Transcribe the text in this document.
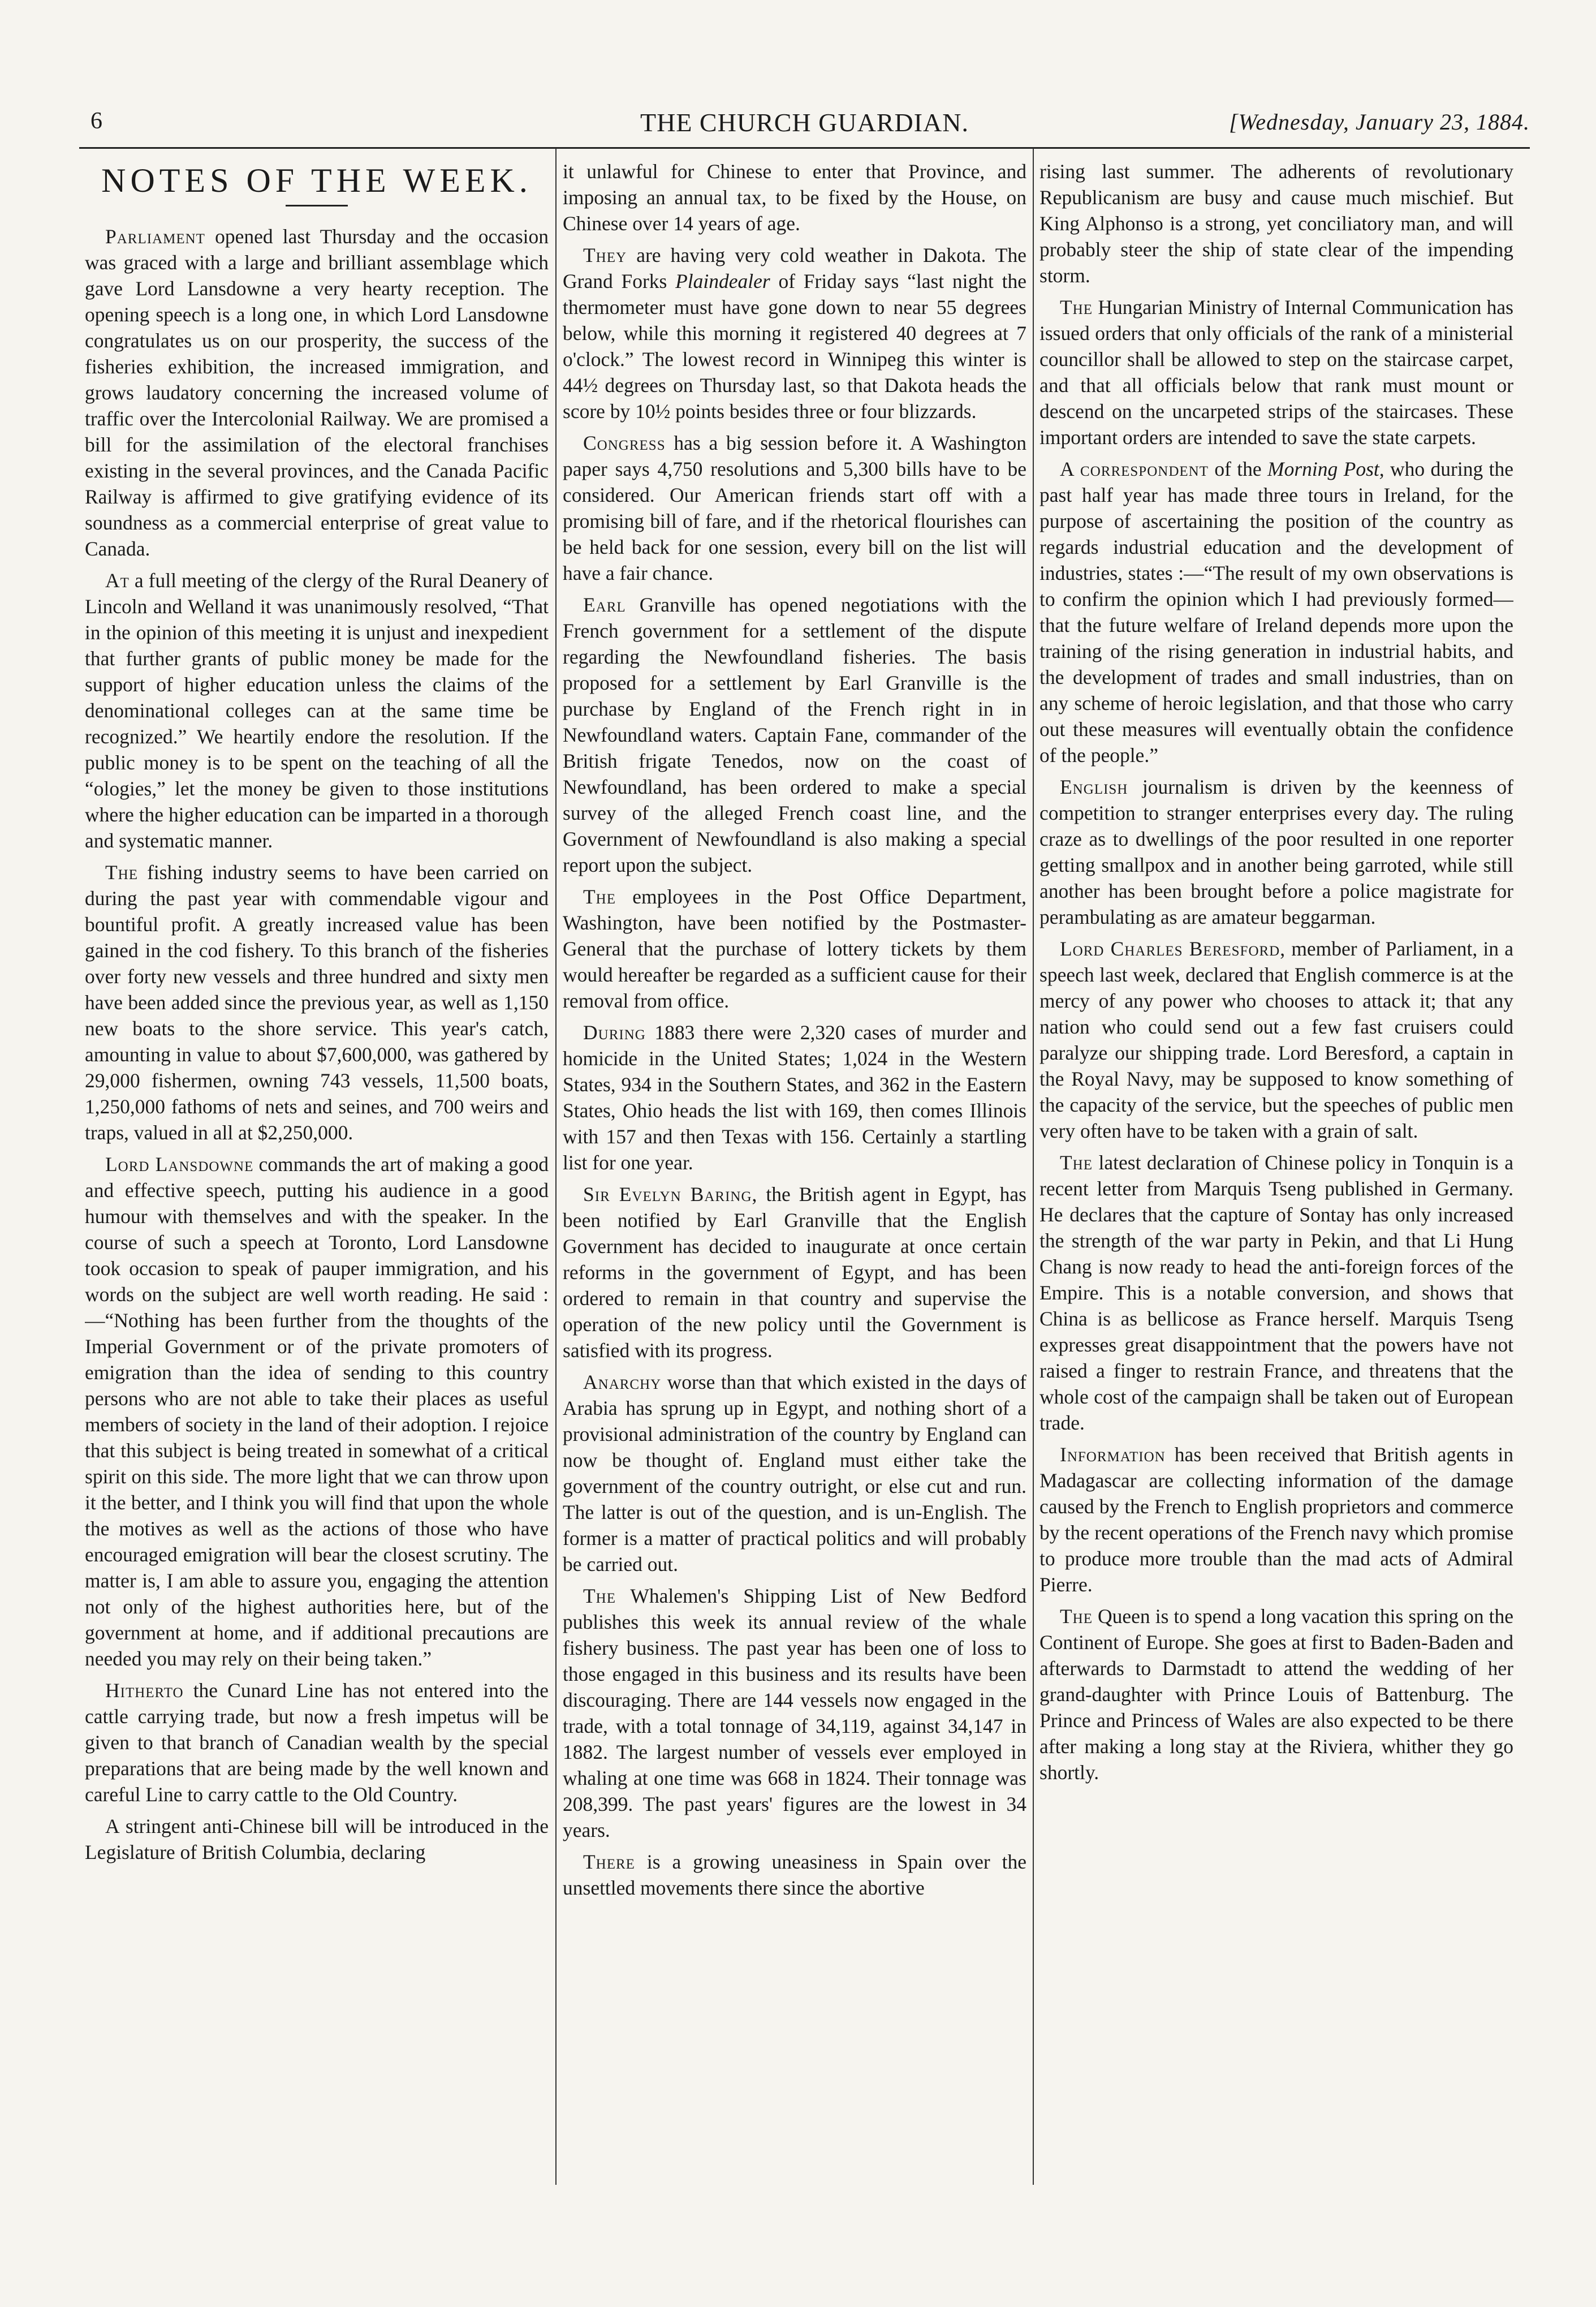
6	THE CHURCH GUARDIAN.	[Wednesday, January 23, 1884.
NOTES OF THE WEEK.

Parliament opened last Thursday and the occasion was graced with a large and brilliant assemblage which gave Lord Lansdowne a very hearty reception. The opening speech is a long one, in which Lord Lansdowne congratulates us on our prosperity, the success of the fisheries exhibition, the increased immigration, and grows laudatory concerning the increased volume of traffic over the Intercolonial Railway. We are promised a bill for the assimilation of the electoral franchises existing in the several provinces, and the Canada Pacific Railway is affirmed to give gratifying evidence of its soundness as a commercial enterprise of great value to Canada.

At a full meeting of the clergy of the Rural Deanery of Lincoln and Welland it was unanimously resolved, “That in the opinion of this meeting it is unjust and inexpedient that further grants of public money be made for the support of higher education unless the claims of the denominational colleges can at the same time be recognized.” We heartily endore the resolution. If the public money is to be spent on the teaching of all the “ologies,” let the money be given to those institutions where the higher education can be imparted in a thorough and systematic manner.

The fishing industry seems to have been carried on during the past year with commendable vigour and bountiful profit. A greatly increased value has been gained in the cod fishery. To this branch of the fisheries over forty new vessels and three hundred and sixty men have been added since the previous year, as well as 1,150 new boats to the shore service. This year's catch, amounting in value to about $7,600,000, was gathered by 29,000 fishermen, owning 743 vessels, 11,500 boats, 1,250,000 fathoms of nets and seines, and 700 weirs and traps, valued in all at $2,250,000.

Lord Lansdowne commands the art of making a good and effective speech, putting his audience in a good humour with themselves and with the speaker. In the course of such a speech at Toronto, Lord Lansdowne took occasion to speak of pauper immigration, and his words on the subject are well worth reading. He said :—“Nothing has been further from the thoughts of the Imperial Government or of the private promoters of emigration than the idea of sending to this country persons who are not able to take their places as useful members of society in the land of their adoption. I rejoice that this subject is being treated in somewhat of a critical spirit on this side. The more light that we can throw upon it the better, and I think you will find that upon the whole the motives as well as the actions of those who have encouraged emigration will bear the closest scrutiny. The matter is, I am able to assure you, engaging the attention not only of the highest authorities here, but of the government at home, and if additional precautions are needed you may rely on their being taken.”

Hitherto the Cunard Line has not entered into the cattle carrying trade, but now a fresh impetus will be given to that branch of Canadian wealth by the special preparations that are being made by the well known and careful Line to carry cattle to the Old Country.

A stringent anti-Chinese bill will be introduced in the Legislature of British Columbia, declaring

it unlawful for Chinese to enter that Province, and imposing an annual tax, to be fixed by the House, on Chinese over 14 years of age.

They are having very cold weather in Dakota. The Grand Forks Plaindealer of Friday says “last night the thermometer must have gone down to near 55 degrees below, while this morning it registered 40 degrees at 7 o'clock.” The lowest record in Winnipeg this winter is 44½ degrees on Thursday last, so that Dakota heads the score by 10½ points besides three or four blizzards.

Congress has a big session before it. A Washington paper says 4,750 resolutions and 5,300 bills have to be considered. Our American friends start off with a promising bill of fare, and if the rhetorical flourishes can be held back for one session, every bill on the list will have a fair chance.

Earl Granville has opened negotiations with the French government for a settlement of the dispute regarding the Newfoundland fisheries. The basis proposed for a settlement by Earl Granville is the purchase by England of the French right in in Newfoundland waters. Captain Fane, commander of the British frigate Tenedos, now on the coast of Newfoundland, has been ordered to make a special survey of the alleged French coast line, and the Government of Newfoundland is also making a special report upon the subject.

The employees in the Post Office Department, Washington, have been notified by the Postmaster-General that the purchase of lottery tickets by them would hereafter be regarded as a sufficient cause for their removal from office.

During 1883 there were 2,320 cases of murder and homicide in the United States; 1,024 in the Western States, 934 in the Southern States, and 362 in the Eastern States, Ohio heads the list with 169, then comes Illinois with 157 and then Texas with 156. Certainly a startling list for one year.

Sir Evelyn Baring, the British agent in Egypt, has been notified by Earl Granville that the English Government has decided to inaugurate at once certain reforms in the government of Egypt, and has been ordered to remain in that country and supervise the operation of the new policy until the Government is satisfied with its progress.

Anarchy worse than that which existed in the days of Arabia has sprung up in Egypt, and nothing short of a provisional administration of the country by England can now be thought of. England must either take the government of the country outright, or else cut and run. The latter is out of the question, and is un-English. The former is a matter of practical politics and will probably be carried out.

The Whalemen's Shipping List of New Bedford publishes this week its annual review of the whale fishery business. The past year has been one of loss to those engaged in this business and its results have been discouraging. There are 144 vessels now engaged in the trade, with a total tonnage of 34,119, against 34,147 in 1882. The largest number of vessels ever employed in whaling at one time was 668 in 1824. Their tonnage was 208,399. The past years' figures are the lowest in 34 years.

There is a growing uneasiness in Spain over the unsettled movements there since the abortive

rising last summer. The adherents of revolutionary Republicanism are busy and cause much mischief. But King Alphonso is a strong, yet conciliatory man, and will probably steer the ship of state clear of the impending storm.

The Hungarian Ministry of Internal Communication has issued orders that only officials of the rank of a ministerial councillor shall be allowed to step on the staircase carpet, and that all officials below that rank must mount or descend on the uncarpeted strips of the staircases. These important orders are intended to save the state carpets.

A correspondent of the Morning Post, who during the past half year has made three tours in Ireland, for the purpose of ascertaining the position of the country as regards industrial education and the development of industries, states :—“The result of my own observations is to confirm the opinion which I had previously formed—that the future welfare of Ireland depends more upon the training of the rising generation in industrial habits, and the development of trades and small industries, than on any scheme of heroic legislation, and that those who carry out these measures will eventually obtain the confidence of the people.”

English journalism is driven by the keenness of competition to stranger enterprises every day. The ruling craze as to dwellings of the poor resulted in one reporter getting smallpox and in another being garroted, while still another has been brought before a police magistrate for perambulating as are amateur beggarman.

Lord Charles Beresford, member of Parliament, in a speech last week, declared that English commerce is at the mercy of any power who chooses to attack it; that any nation who could send out a few fast cruisers could paralyze our shipping trade. Lord Beresford, a captain in the Royal Navy, may be supposed to know something of the capacity of the service, but the speeches of public men very often have to be taken with a grain of salt.

The latest declaration of Chinese policy in Tonquin is a recent letter from Marquis Tseng published in Germany. He declares that the capture of Sontay has only increased the strength of the war party in Pekin, and that Li Hung Chang is now ready to head the anti-foreign forces of the Empire. This is a notable conversion, and shows that China is as bellicose as France herself. Marquis Tseng expresses great disappointment that the powers have not raised a finger to restrain France, and threatens that the whole cost of the campaign shall be taken out of European trade.

Information has been received that British agents in Madagascar are collecting information of the damage caused by the French to English proprietors and commerce by the recent operations of the French navy which promise to produce more trouble than the mad acts of Admiral Pierre.

The Queen is to spend a long vacation this spring on the Continent of Europe. She goes at first to Baden-Baden and afterwards to Darmstadt to attend the wedding of her grand-daughter with Prince Louis of Battenburg. The Prince and Princess of Wales are also expected to be there after making a long stay at the Riviera, whither they go shortly.
